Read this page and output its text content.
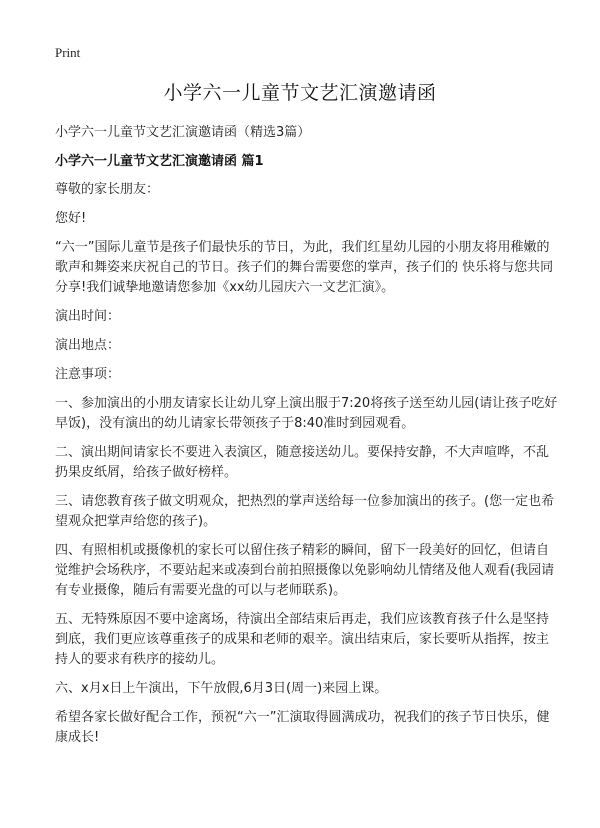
Print
小学六一儿童节文艺汇演邀请函
小学六一儿童节文艺汇演邀请函（精选3篇）
小学六一儿童节文艺汇演邀请函 篇1

尊敬的家长朋友：

您好!

“六一”国际儿童节是孩子们最快乐的节日，为此，我们红星幼儿园的小朋友将用稚嫩的歌声和舞姿来庆祝自己的节日。孩子们的舞台需要您的掌声，孩子们的 快乐将与您共同分享!我们诚挚地邀请您参加《xx幼儿园庆六一文艺汇演》。

演出时间：

演出地点：

注意事项：

一、参加演出的小朋友请家长让幼儿穿上演出服于7:20将孩子送至幼儿园(请让孩子吃好早饭)，没有演出的幼儿请家长带领孩子于8:40准时到园观看。

二、演出期间请家长不要进入表演区，随意接送幼儿。要保持安静，不大声喧哗，不乱扔果皮纸屑，给孩子做好榜样。

三、请您教育孩子做文明观众，把热烈的掌声送给每一位参加演出的孩子。(您一定也希望观众把掌声给您的孩子)。

四、有照相机或摄像机的家长可以留住孩子精彩的瞬间，留下一段美好的回忆，但请自觉维护会场秩序，不要站起来或凑到台前拍照摄像以免影响幼儿情绪及他人观看(我园请有专业摄像，随后有需要光盘的可以与老师联系)。

五、无特殊原因不要中途离场，待演出全部结束后再走，我们应该教育孩子什么是坚持到底，我们更应该尊重孩子的成果和老师的艰辛。演出结束后，家长要听从指挥，按主持人的要求有秩序的接幼儿。

六、x月x日上午演出，下午放假,6月3日(周一)来园上课。

希望各家长做好配合工作，预祝“六一”汇演取得圆满成功，祝我们的孩子节日快乐，健康成长!
